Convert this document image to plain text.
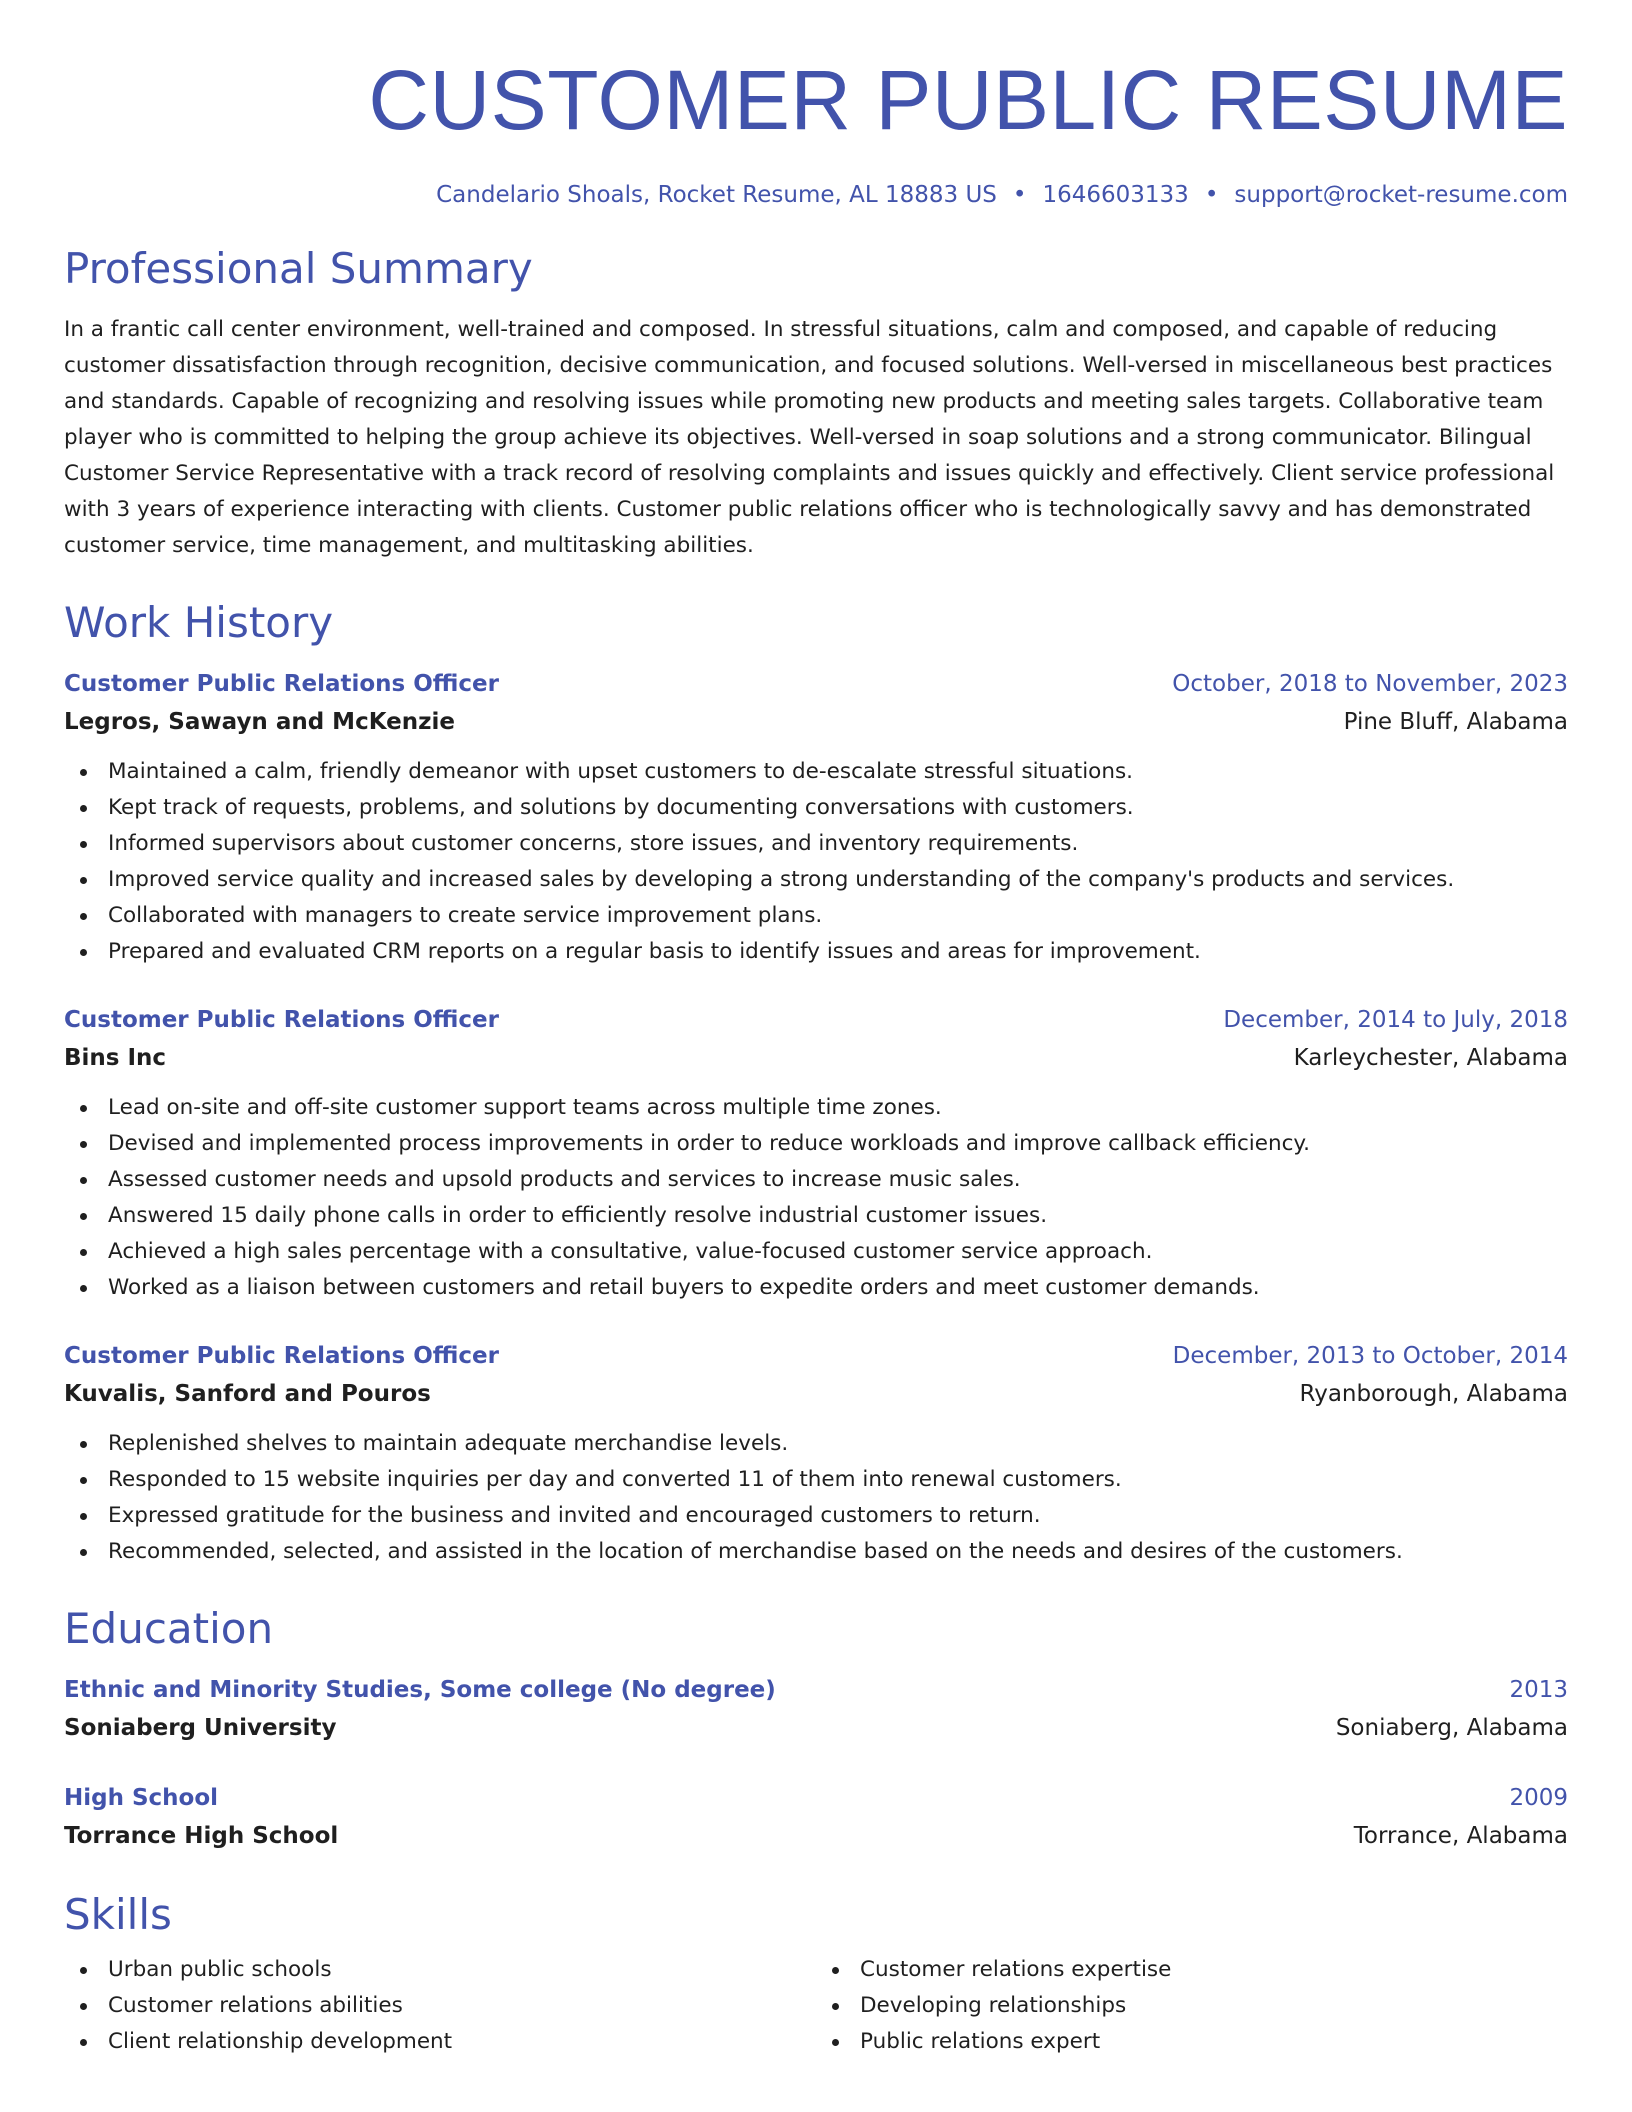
CUSTOMER PUBLIC RESUME
Candelario Shoals, Rocket Resume, AL 18883 US • 1646603133 • support@rocket-resume.com
Professional Summary

In a frantic call center environment, well-trained and composed. In stressful situations, calm and composed, and capable of reducing customer dissatisfaction through recognition, decisive communication, and focused solutions. Well-versed in miscellaneous best practices and standards. Capable of recognizing and resolving issues while promoting new products and meeting sales targets. Collaborative team player who is committed to helping the group achieve its objectives. Well-versed in soap solutions and a strong communicator. Bilingual Customer Service Representative with a track record of resolving complaints and issues quickly and effectively. Client service professional with 3 years of experience interacting with clients. Customer public relations officer who is technologically savvy and has demonstrated customer service, time management, and multitasking abilities.

Work History
Customer Public Relations Officer	October, 2018 to November, 2023
Legros, Sawayn and McKenzie	Pine Bluff, Alabama
Maintained a calm, friendly demeanor with upset customers to de-escalate stressful situations.
Kept track of requests, problems, and solutions by documenting conversations with customers.
Informed supervisors about customer concerns, store issues, and inventory requirements.
Improved service quality and increased sales by developing a strong understanding of the company's products and services.
Collaborated with managers to create service improvement plans.
Prepared and evaluated CRM reports on a regular basis to identify issues and areas for improvement.
Customer Public Relations Officer	December, 2014 to July, 2018
Bins Inc	Karleychester, Alabama
Lead on-site and off-site customer support teams across multiple time zones.
Devised and implemented process improvements in order to reduce workloads and improve callback efficiency.
Assessed customer needs and upsold products and services to increase music sales.
Answered 15 daily phone calls in order to efficiently resolve industrial customer issues.
Achieved a high sales percentage with a consultative, value-focused customer service approach.
Worked as a liaison between customers and retail buyers to expedite orders and meet customer demands.
Customer Public Relations Officer	December, 2013 to October, 2014
Kuvalis, Sanford and Pouros	Ryanborough, Alabama
Replenished shelves to maintain adequate merchandise levels.
Responded to 15 website inquiries per day and converted 11 of them into renewal customers.
Expressed gratitude for the business and invited and encouraged customers to return.
Recommended, selected, and assisted in the location of merchandise based on the needs and desires of the customers.
Education
Ethnic and Minority Studies, Some college (No degree)	2013
Soniaberg University	Soniaberg, Alabama
High School	2009
Torrance High School	Torrance, Alabama
Skills
Urban public schools
Customer relations abilities
Client relationship development
Customer relations expertise
Developing relationships
Public relations expert
